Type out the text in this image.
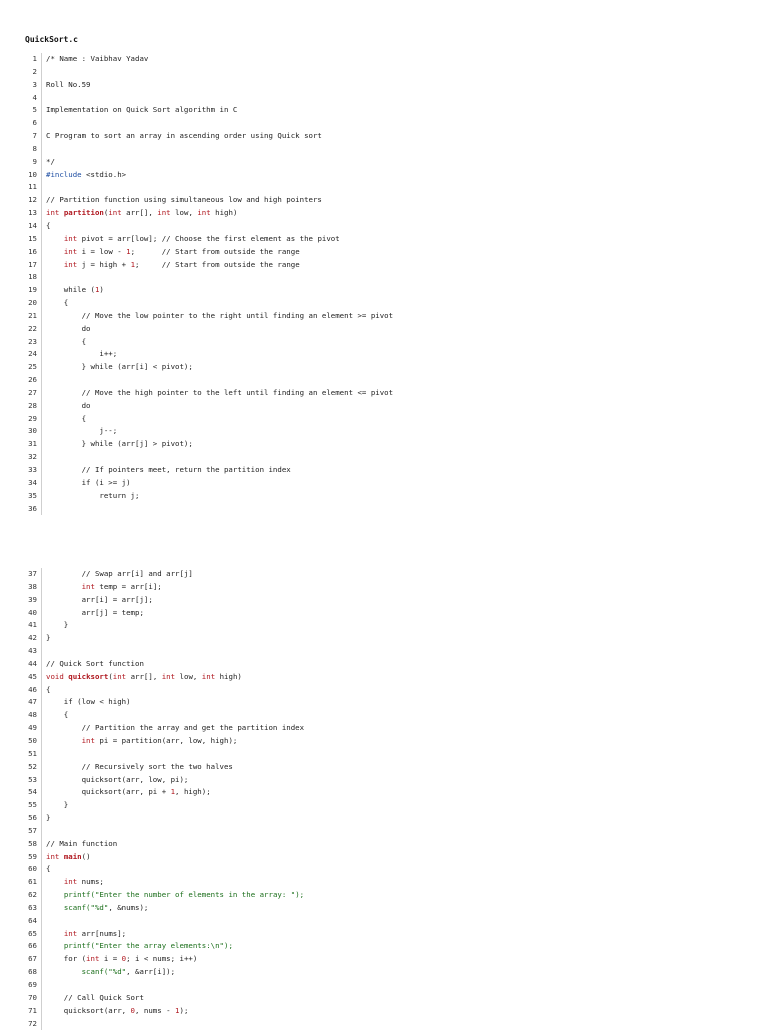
QuickSort.c
1 /* Name : Vaibhav Yadav
2
3 Roll No.59
4
5 Implementation on Quick Sort algorithm in C
6
7 C Program to sort an array in ascending order using Quick sort
8
9 */
10 #include <stdio.h>
11
12 // Partition function using simultaneous low and high pointers
13 int partition(int arr[], int low, int high)
14 {
15	int pivot = arr[low]; // Choose the first element as the pivot
16	int i = low - 1;      // Start from outside the range
17	int j = high + 1;     // Start from outside the range
18
19 while (1)
20 {
21 // Move the low pointer to the right until finding an element >= pivot
22 do
23 {
24 i++;
25 } while (arr[i] < pivot);
26
27 // Move the high pointer to the left until finding an element <= pivot
28 do
29 {
30 j--;
31 } while (arr[j] > pivot);
32
33 // If pointers meet, return the partition index
34 if (i >= j)
35 return j;
36
37 // Swap arr[i] and arr[j]
38	int temp = arr[i];
39 arr[i] = arr[j];
40 arr[j] = temp;
41 }
42 }
43
44 // Quick Sort function
45 void quicksort(int arr[], int low, int high)
46 {
47 if (low < high)
48 {
49 // Partition the array and get the partition index
50	int pi = partition(arr, low, high);
51
52 // Recursively sort the two halves
53 quicksort(arr, low, pi);
54 quicksort(arr, pi + 1, high);
55 }
56 }
57
58 // Main function
59 int main()
60 {
61	int nums;
62	printf("Enter the number of elements in the array: ");
63	scanf("%d", &nums);
64
65	int arr[nums];
66	printf("Enter the array elements:\n");
67 for (int i = 0; i < nums; i++)
68	scanf("%d", &arr[i]);
69
70 // Call Quick Sort
71 quicksort(arr, 0, nums - 1);
72
